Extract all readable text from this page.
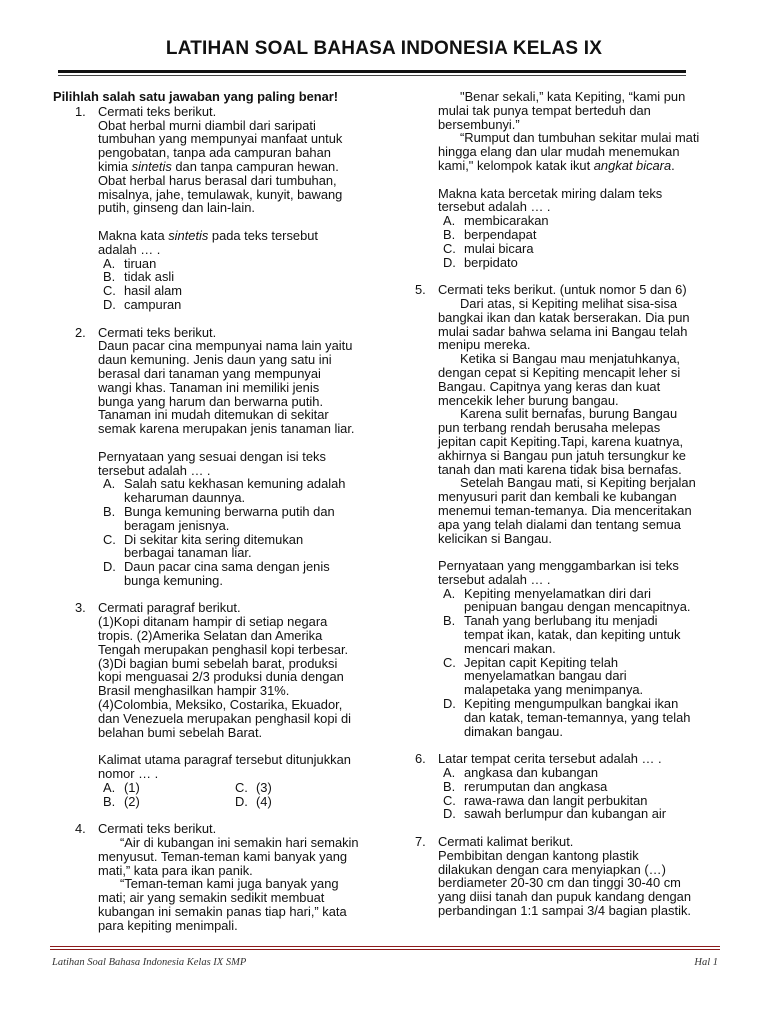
LATIHAN SOAL BAHASA INDONESIA KELAS IX
Pilihlah salah satu jawaban yang paling benar!
1. Cermati teks berikut.
Obat herbal murni diambil dari saripati
tumbuhan yang mempunyai manfaat untuk
pengobatan, tanpa ada campuran bahan
kimia sintetis dan tanpa campuran hewan.
Obat herbal harus berasal dari tumbuhan,
misalnya, jahe, temulawak, kunyit, bawang
putih, ginseng dan lain-lain.
Makna kata sintetis pada teks tersebut
adalah … .
A. tiruan
B. tidak asli
C. hasil alam
D. campuran
2. Cermati teks berikut.
Daun pacar cina mempunyai nama lain yaitu
daun kemuning. Jenis daun yang satu ini
berasal dari tanaman yang mempunyai
wangi khas. Tanaman ini memiliki jenis
bunga yang harum dan berwarna putih.
Tanaman ini mudah ditemukan di sekitar
semak karena merupakan jenis tanaman liar.
Pernyataan yang sesuai dengan isi teks
tersebut adalah … .
A. Salah satu kekhasan kemuning adalah
keharuman daunnya.
B. Bunga kemuning berwarna putih dan
beragam jenisnya.
C. Di sekitar kita sering ditemukan
berbagai tanaman liar.
D. Daun pacar cina sama dengan jenis
bunga kemuning.
3. Cermati paragraf berikut.
(1)Kopi ditanam hampir di setiap negara
tropis. (2)Amerika Selatan dan Amerika
Tengah merupakan penghasil kopi terbesar.
(3)Di bagian bumi sebelah barat, produksi
kopi menguasai 2/3 produksi dunia dengan
Brasil menghasilkan hampir 31%.
(4)Colombia, Meksiko, Costarika, Ekuador,
dan Venezuela merupakan penghasil kopi di
belahan bumi sebelah Barat.
Kalimat utama paragraf tersebut ditunjukkan
nomor … .
A. (1)	C. (3)
B. (2)	D. (4)
4. Cermati teks berikut.
“Air di kubangan ini semakin hari semakin
menyusut. Teman-teman kami banyak yang
mati,” kata para ikan panik.
“Teman-teman kami juga banyak yang
mati; air yang semakin sedikit membuat
kubangan ini semakin panas tiap hari,” kata
para kepiting menimpali.
"Benar sekali,” kata Kepiting, “kami pun
mulai tak punya tempat berteduh dan
bersembunyi.”
“Rumput dan tumbuhan sekitar mulai mati
hingga elang dan ular mudah menemukan
kami," kelompok katak ikut angkat bicara.
Makna kata bercetak miring dalam teks
tersebut adalah … .
A. membicarakan
B. berpendapat
C. mulai bicara
D. berpidato
5. Cermati teks berikut. (untuk nomor 5 dan 6)
Dari atas, si Kepiting melihat sisa-sisa
bangkai ikan dan katak berserakan. Dia pun
mulai sadar bahwa selama ini Bangau telah
menipu mereka.
Ketika si Bangau mau menjatuhkanya,
dengan cepat si Kepiting mencapit leher si
Bangau. Capitnya yang keras dan kuat
mencekik leher burung bangau.
Karena sulit bernafas, burung Bangau
pun terbang rendah berusaha melepas
jepitan capit Kepiting.Tapi, karena kuatnya,
akhirnya si Bangau pun jatuh tersungkur ke
tanah dan mati karena tidak bisa bernafas.
Setelah Bangau mati, si Kepiting berjalan
menyusuri parit dan kembali ke kubangan
menemui teman-temanya. Dia menceritakan
apa yang telah dialami dan tentang semua
kelicikan si Bangau.
Pernyataan yang menggambarkan isi teks
tersebut adalah … .
A. Kepiting menyelamatkan diri dari
penipuan bangau dengan mencapitnya.
B. Tanah yang berlubang itu menjadi
tempat ikan, katak, dan kepiting untuk
mencari makan.
C. Jepitan capit Kepiting telah
menyelamatkan bangau dari
malapetaka yang menimpanya.
D. Kepiting mengumpulkan bangkai ikan
dan katak, teman-temannya, yang telah
dimakan bangau.
6. Latar tempat cerita tersebut adalah … .
A. angkasa dan kubangan
B. rerumputan dan angkasa
C. rawa-rawa dan langit perbukitan
D. sawah berlumpur dan kubangan air
7. Cermati kalimat berikut.
Pembibitan dengan kantong plastik
dilakukan dengan cara menyiapkan (…)
berdiameter 20-30 cm dan tinggi 30-40 cm
yang diisi tanah dan pupuk kandang dengan
perbandingan 1:1 sampai 3/4 bagian plastik.
Latihan Soal Bahasa Indonesia Kelas IX SMP	Hal 1
